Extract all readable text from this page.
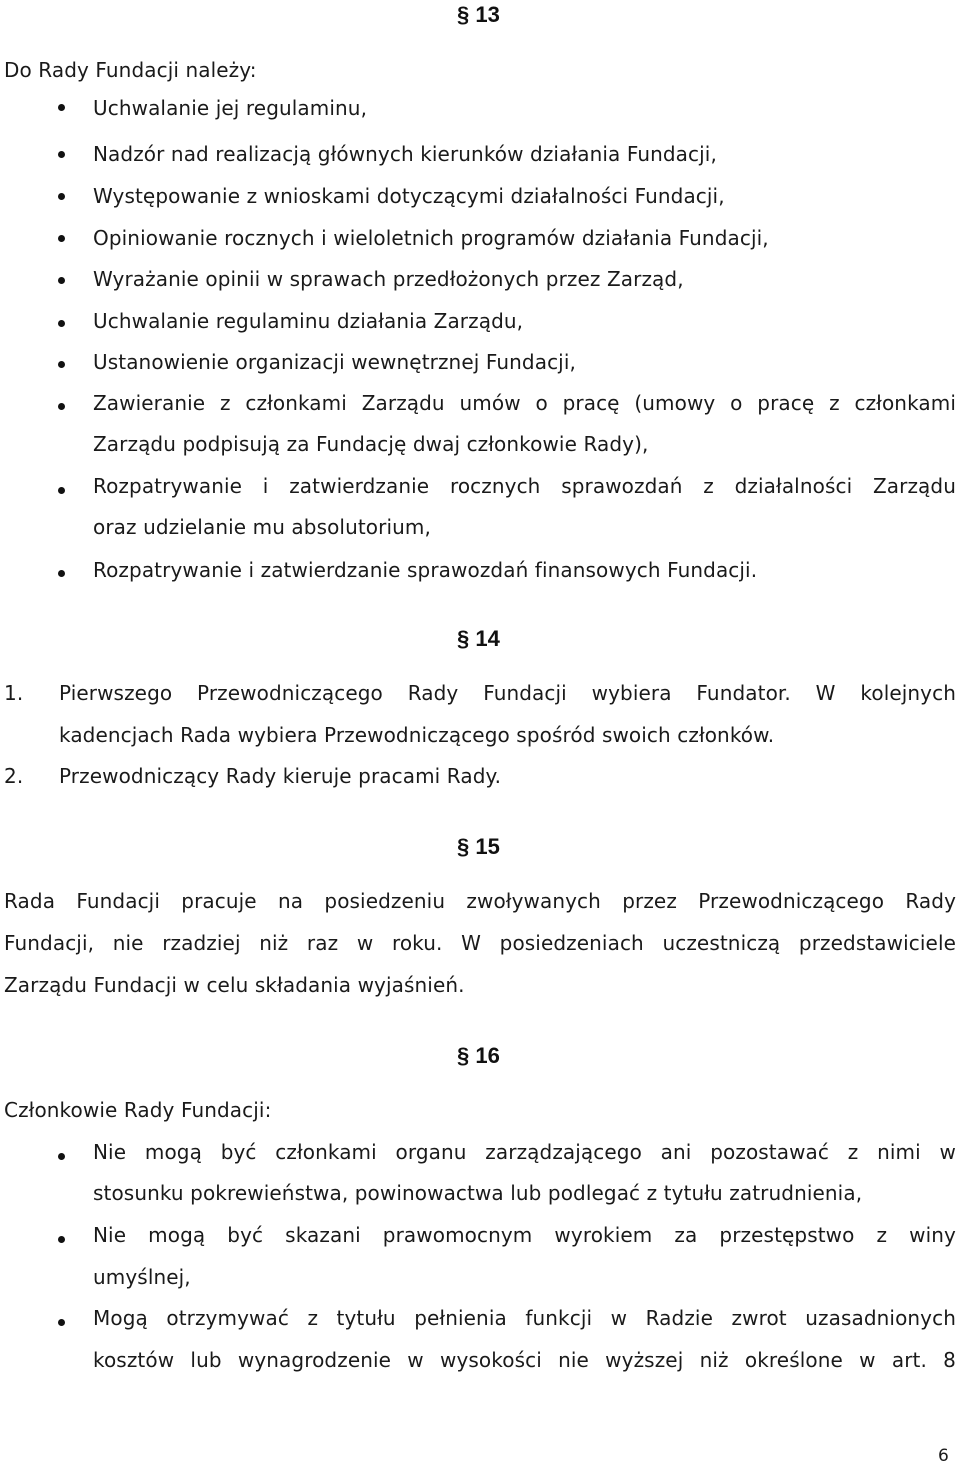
§ 13
Do Rady Fundacji należy:
Uchwalanie jej regulaminu,
Nadzór nad realizacją głównych kierunków działania Fundacji,
Występowanie z wnioskami dotyczącymi działalności Fundacji,
Opiniowanie rocznych i wieloletnich programów działania Fundacji,
Wyrażanie opinii w sprawach przedłożonych przez Zarząd,
Uchwalanie regulaminu działania Zarządu,
Ustanowienie organizacji wewnętrznej Fundacji,
Zawieranie z członkami Zarządu umów o pracę (umowy o pracę z członkami
Zarządu podpisują za Fundację dwaj członkowie Rady),
Rozpatrywanie i zatwierdzanie rocznych sprawozdań z działalności Zarządu
oraz udzielanie mu absolutorium,
Rozpatrywanie i zatwierdzanie sprawozdań finansowych Fundacji.
§ 14
1. Pierwszego Przewodniczącego Rady Fundacji wybiera Fundator. W kolejnych
kadencjach Rada wybiera Przewodniczącego spośród swoich członków.
2. Przewodniczący Rady kieruje pracami Rady.
§ 15
Rada Fundacji pracuje na posiedzeniu zwoływanych przez Przewodniczącego Rady
Fundacji, nie rzadziej niż raz w roku. W posiedzeniach uczestniczą przedstawiciele
Zarządu Fundacji w celu składania wyjaśnień.
§ 16
Członkowie Rady Fundacji:
Nie mogą być członkami organu zarządzającego ani pozostawać z nimi w
stosunku pokrewieństwa, powinowactwa lub podlegać z tytułu zatrudnienia,
Nie mogą być skazani prawomocnym wyrokiem za przestępstwo z winy
umyślnej,
Mogą otrzymywać z tytułu pełnienia funkcji w Radzie zwrot uzasadnionych
kosztów lub wynagrodzenie w wysokości nie wyższej niż określone w art. 8
6
